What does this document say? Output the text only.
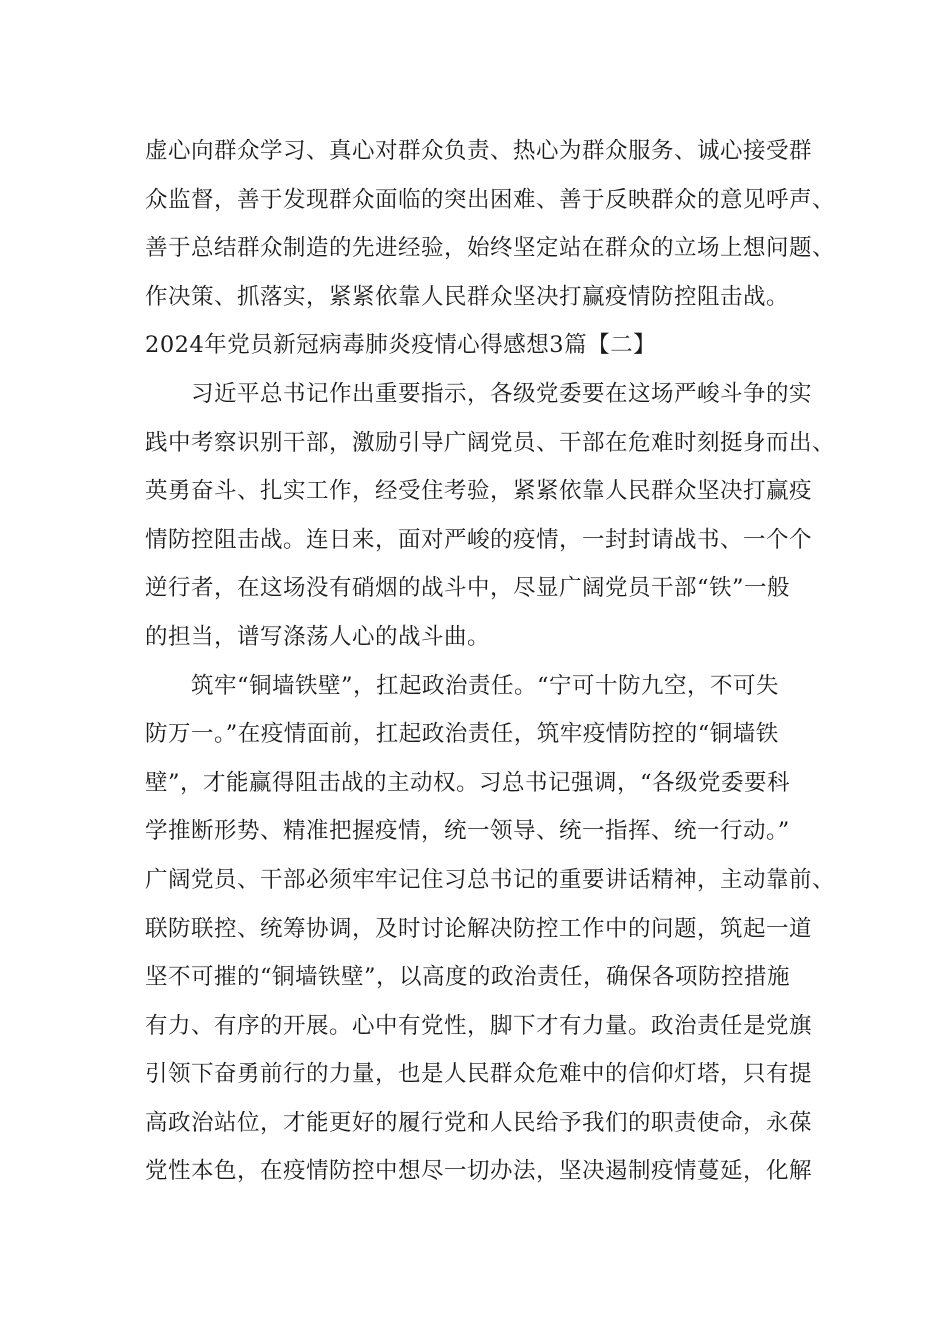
虚心向群众学习、真心对群众负责、热心为群众服务、诚心接受群
众监督，善于发现群众面临的突出困难、善于反映群众的意见呼声、
善于总结群众制造的先进经验，始终坚定站在群众的立场上想问题、
作决策、抓落实，紧紧依靠人民群众坚决打赢疫情防控阻击战。
2024年党员新冠病毒肺炎疫情心得感想3篇【二】
习近平总书记作出重要指示，各级党委要在这场严峻斗争的实
践中考察识别干部，激励引导广阔党员、干部在危难时刻挺身而出、
英勇奋斗、扎实工作，经受住考验，紧紧依靠人民群众坚决打赢疫
情防控阻击战。连日来，面对严峻的疫情，一封封请战书、一个个
逆行者，在这场没有硝烟的战斗中，尽显广阔党员干部“铁”一般
的担当，谱写涤荡人心的战斗曲。
筑牢“铜墙铁壁”，扛起政治责任。“宁可十防九空，不可失
防万一。”在疫情面前，扛起政治责任，筑牢疫情防控的“铜墙铁
壁”，才能赢得阻击战的主动权。习总书记强调，“各级党委要科
学推断形势、精准把握疫情，统一领导、统一指挥、统一行动。”
广阔党员、干部必须牢牢记住习总书记的重要讲话精神，主动靠前、
联防联控、统筹协调，及时讨论解决防控工作中的问题，筑起一道
坚不可摧的“铜墙铁壁”，以高度的政治责任，确保各项防控措施
有力、有序的开展。心中有党性，脚下才有力量。政治责任是党旗
引领下奋勇前行的力量，也是人民群众危难中的信仰灯塔，只有提
高政治站位，才能更好的履行党和人民给予我们的职责使命，永葆
党性本色，在疫情防控中想尽一切办法，坚决遏制疫情蔓延，化解
